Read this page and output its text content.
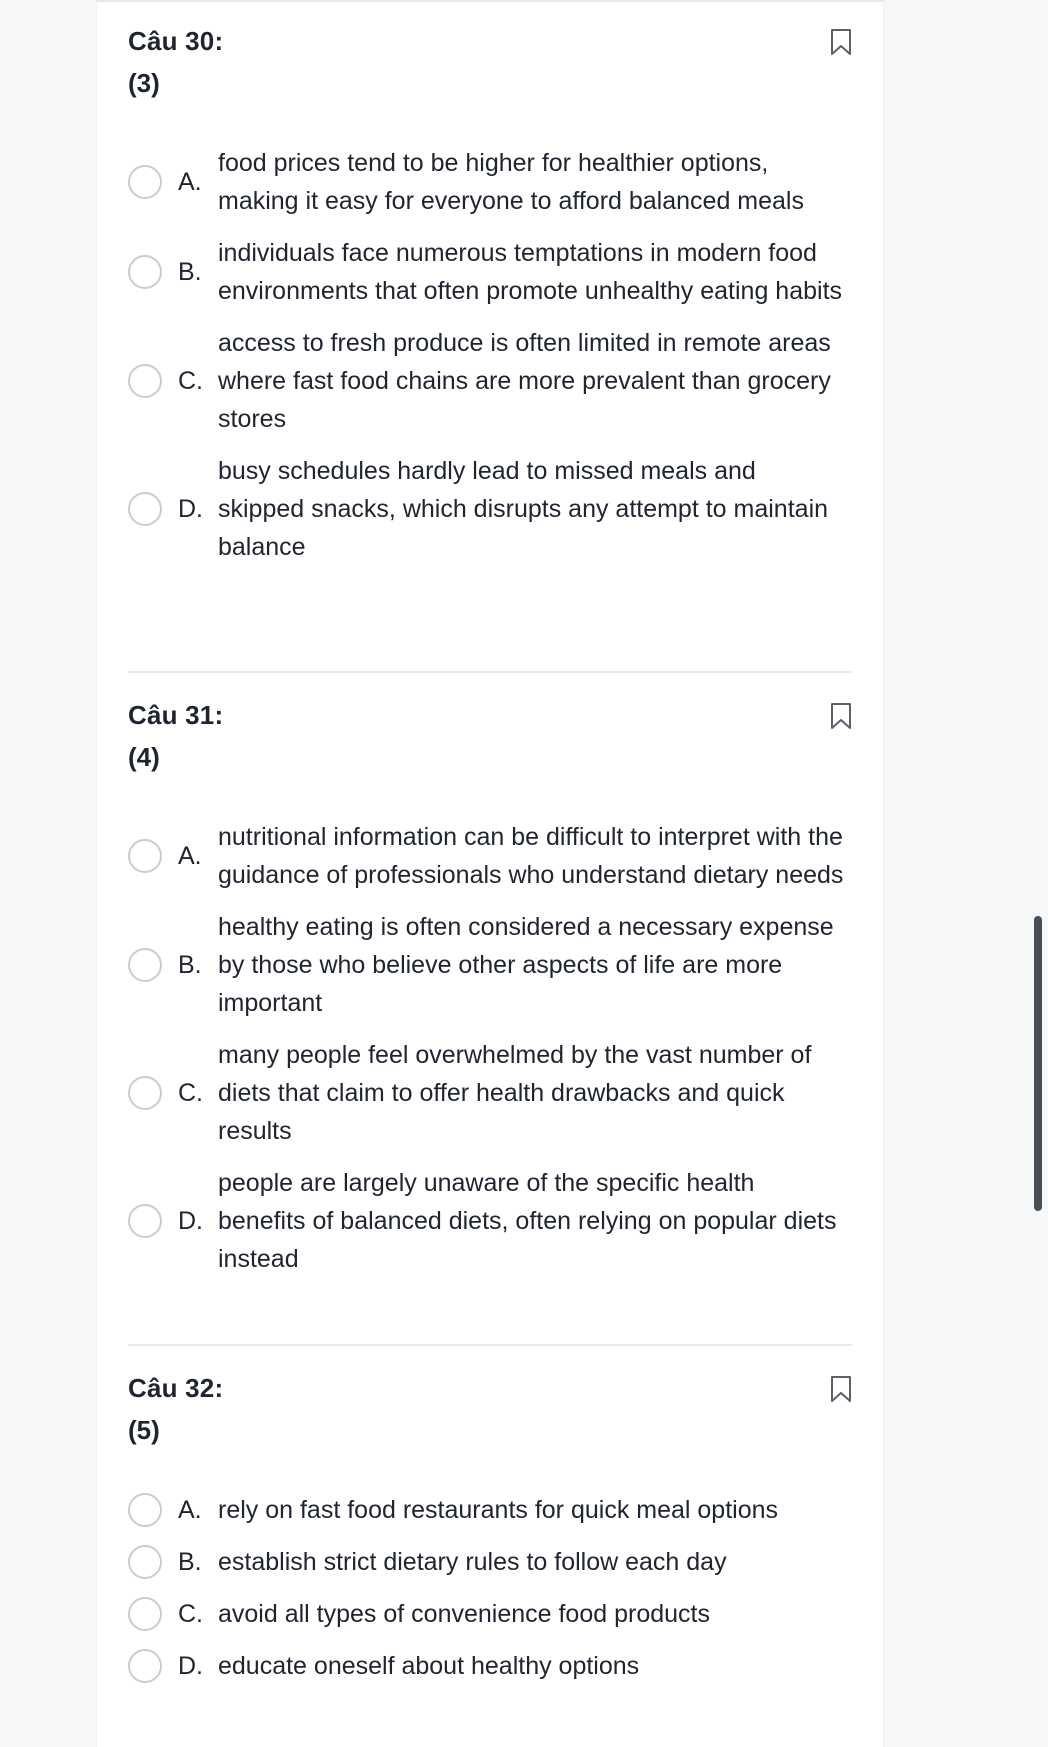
Câu 30:
(3)
A.
food prices tend to be higher for healthier options, making it easy for everyone to afford balanced meals
B.
individuals face numerous temptations in modern food environments that often promote unhealthy eating habits
C.
access to fresh produce is often limited in remote areas where fast food chains are more prevalent than grocery stores
D.
busy schedules hardly lead to missed meals and skipped snacks, which disrupts any attempt to maintain balance
Câu 31:
(4)
A.
nutritional information can be difficult to interpret with the guidance of professionals who understand dietary needs
B.
healthy eating is often considered a necessary expense by those who believe other aspects of life are more important
C.
many people feel overwhelmed by the vast number of diets that claim to offer health drawbacks and quick results
D.
people are largely unaware of the specific health benefits of balanced diets, often relying on popular diets instead
Câu 32:
(5)
A. rely on fast food restaurants for quick meal options
B. establish strict dietary rules to follow each day
C. avoid all types of convenience food products
D. educate oneself about healthy options
